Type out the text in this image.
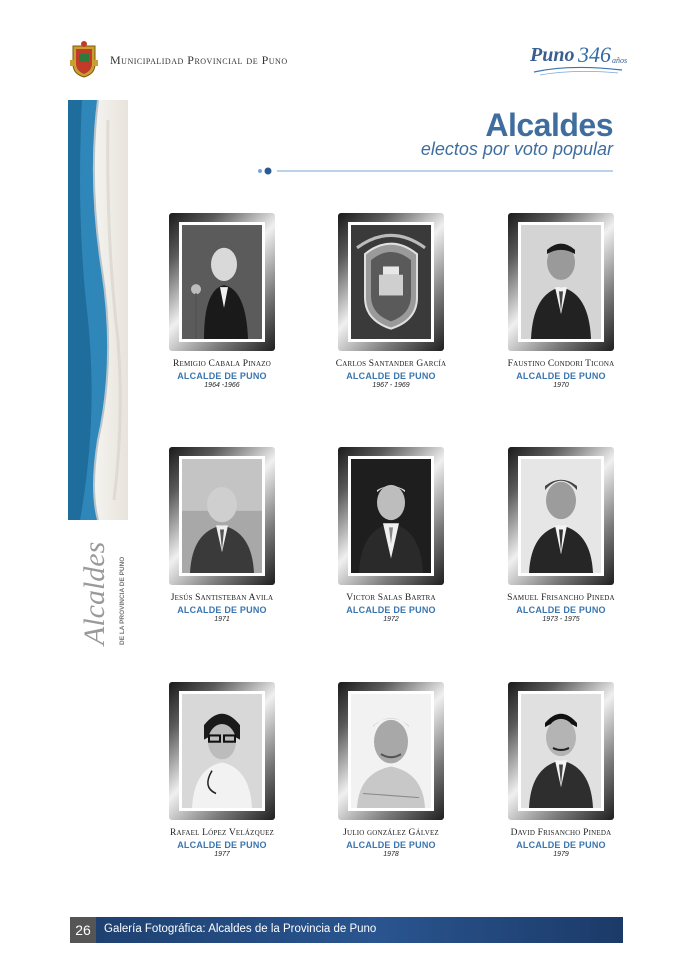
Municipalidad Provincial de Puno	Puno 346 años
Alcaldes DE LA PROVINCIA DE PUNO
Alcaldes
electos por voto popular
Remigio Cabala Pinazo
ALCALDE DE PUNO
1964 -1966
Carlos Santander García
ALCALDE DE PUNO
1967 - 1969
Faustino Condori Ticona
ALCALDE DE PUNO
1970
Jesús Santisteban Avila
ALCALDE DE PUNO
1971
Victor Salas Bartra
ALCALDE DE PUNO
1972
Samuel Frisancho Pineda
ALCALDE DE PUNO
1973 - 1975
Rafael López Velázquez
ALCALDE DE PUNO
1977
Julio gonzález Gálvez
ALCALDE DE PUNO
1978
David Frisancho Pineda
ALCALDE DE PUNO
1979
26	Galería Fotográfica: Alcaldes de la Provincia de Puno
